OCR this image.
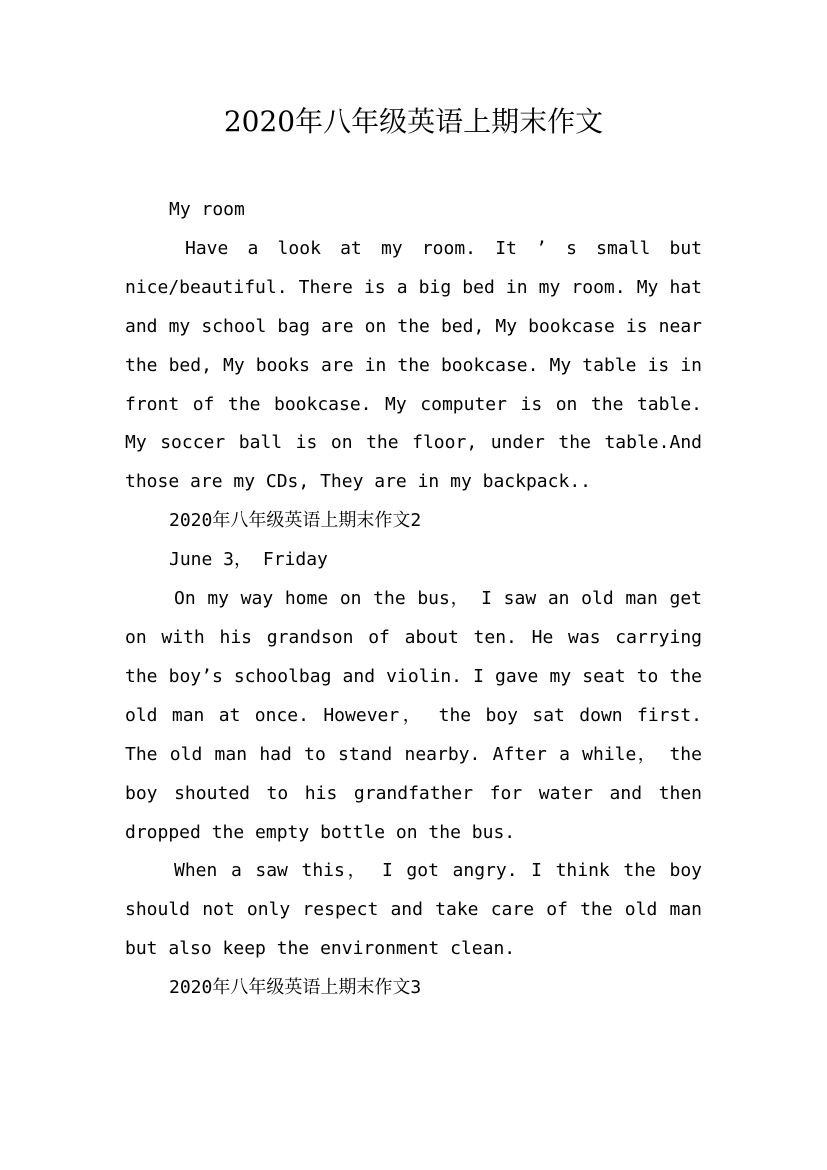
2020年八年级英语上期末作文

My room

Have a look at my room. It ’ s small but nice/beautiful. There is a big bed in my room. My hat and my school bag are on the bed, My bookcase is near the bed, My books are in the bookcase. My table is in front of the bookcase. My computer is on the table. My soccer ball is on the floor, under the table.And those are my CDs, They are in my backpack..

2020年八年级英语上期末作文2

June 3， Friday

On my way home on the bus， I saw an old man get on with his grandson of about ten. He was carrying the boy’s schoolbag and violin. I gave my seat to the old man at once. However， the boy sat down first. The old man had to stand nearby. After a while， the boy shouted to his grandfather for water and then dropped the empty bottle on the bus.

When a saw this， I got angry. I think the boy should not only respect and take care of the old man but also keep the environment clean.

2020年八年级英语上期末作文3
